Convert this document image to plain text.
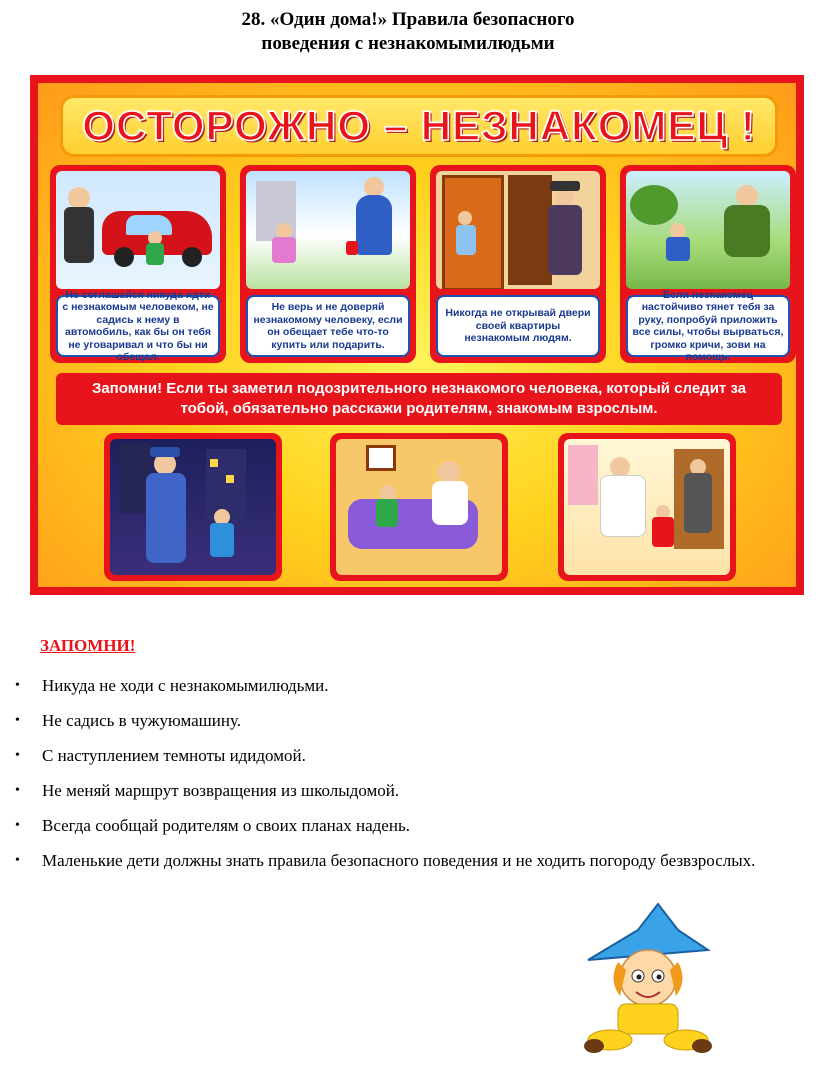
28. «Один дома!» Правила безопасного
поведения с незнакомымилюдьми
ОСТОРОЖНО – НЕЗНАКОМЕЦ !
Не соглашайся никуда идти с незнакомым человеком, не садись к нему в автомобиль, как бы он тебя не уговаривал и что бы ни обещал.
Не верь и не доверяй незнакомому человеку, если он обещает тебе что-то купить или подарить.
Никогда не открывай двери своей квартиры незнакомым людям.
Если незнакомец настойчиво тянет тебя за руку, попробуй приложить все силы, чтобы вырваться, громко кричи, зови на помощь.
Запомни! Если ты заметил подозрительного незнакомого человека, который следит за тобой, обязательно расскажи родителям, знакомым взрослым.
ЗАПОМНИ!
• Никуда не ходи с незнакомымилюдьми.
• Не садись в чужуюмашину.
• С наступлением темноты идидомой.
• Не меняй маршрут возвращения из школыдомой.
• Всегда сообщай родителям о своих планах надень.
• Маленькие дети должны знать правила безопасного поведения и не ходить погороду безвзрослых.
